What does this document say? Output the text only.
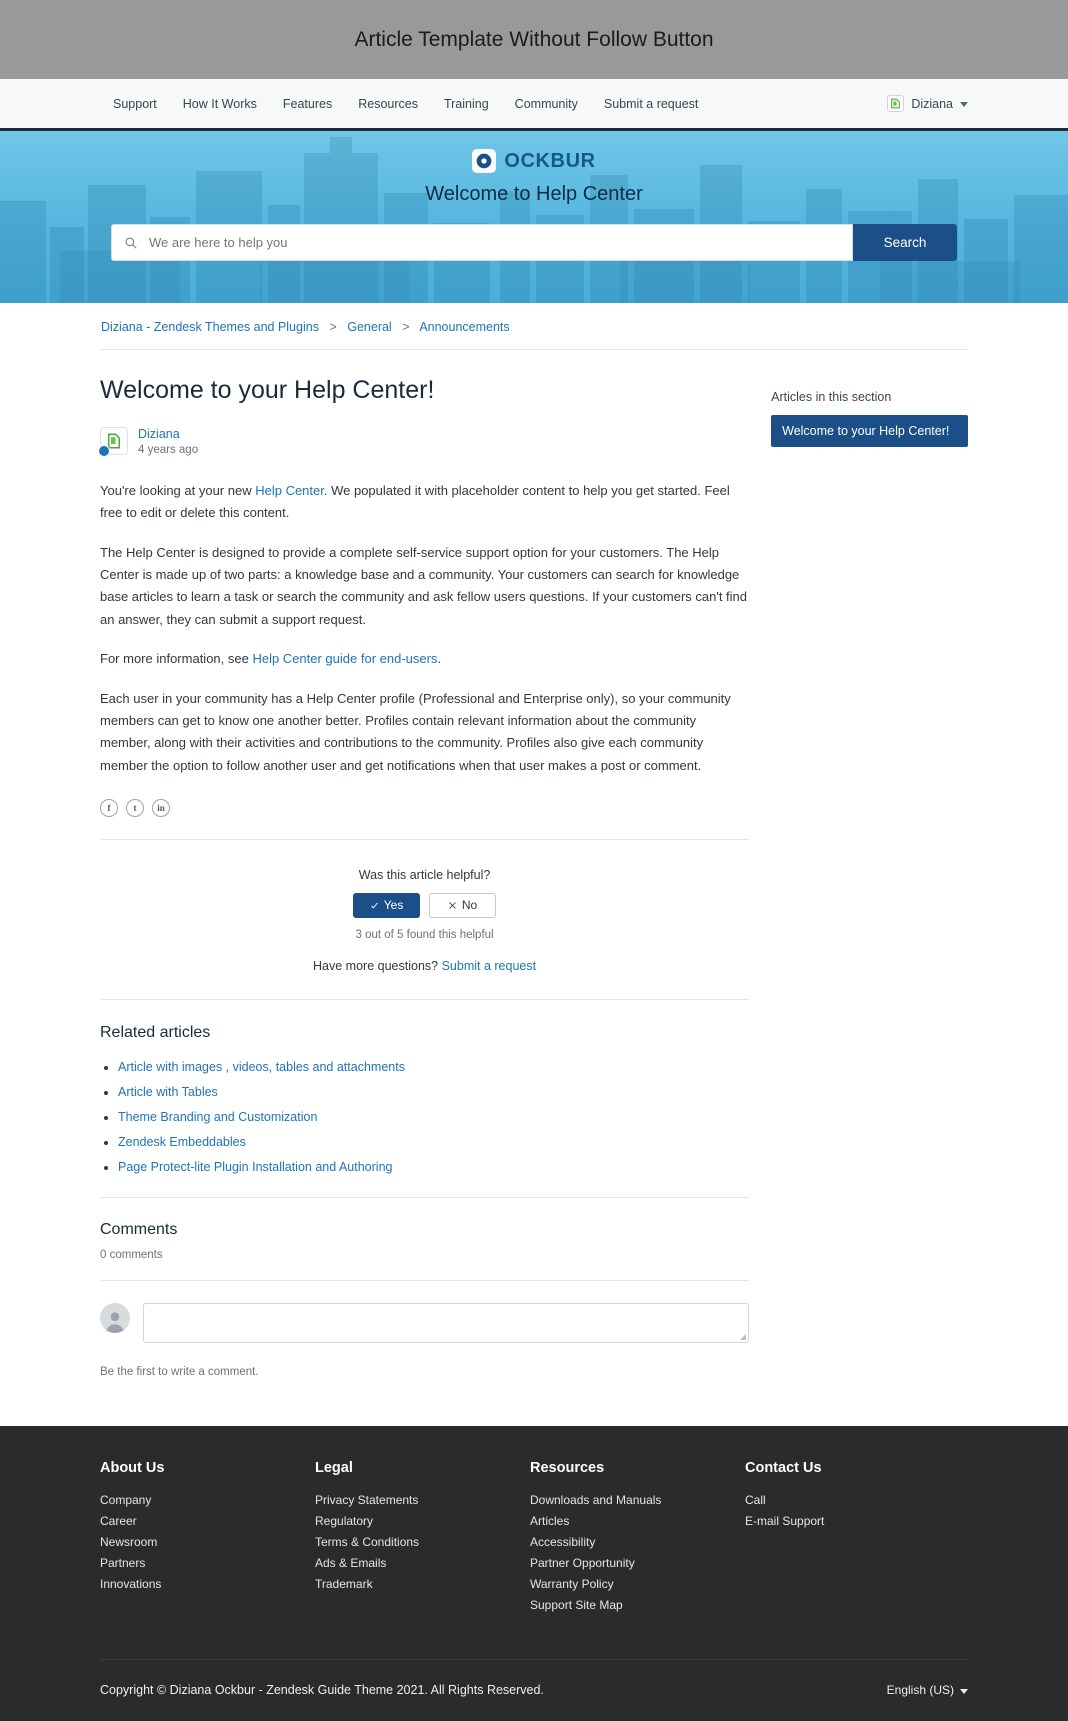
Article Template Without Follow Button
Support How It Works Features Resources Training Community Submit a request	Diziana
OCKBUR
Welcome to Help Center
We are here to help you
Search
Diziana - Zendesk Themes and Plugins > General > Announcements
Welcome to your Help Center!
Diziana
4 years ago

You're looking at your new Help Center. We populated it with placeholder content to help you get started. Feel free to edit or delete this content.

The Help Center is designed to provide a complete self-service support option for your customers. The Help Center is made up of two parts: a knowledge base and a community. Your customers can search for knowledge base articles to learn a task or search the community and ask fellow users questions. If your customers can't find an answer, they can submit a support request.

For more information, see Help Center guide for end-users.

Each user in your community has a Help Center profile (Professional and Enterprise only), so your community members can get to know one another better. Profiles contain relevant information about the community member, along with their activities and contributions to the community. Profiles also give each community member the option to follow another user and get notifications when that user makes a post or comment.

f	t	in
Was this article helpful?
Yes	No
3 out of 5 found this helpful
Have more questions? Submit a request
Related articles
• Article with images , videos, tables and attachments
• Article with Tables
• Theme Branding and Customization
• Zendesk Embeddables
• Page Protect-lite Plugin Installation and Authoring
Comments
0 comments
Be the first to write a comment.
Articles in this section
Welcome to your Help Center!
About Us
Company
Career
Newsroom
Partners
Innovations
Legal
Privacy Statements
Regulatory
Terms & Conditions
Ads & Emails
Trademark
Resources
Downloads and Manuals
Articles
Accessibility
Partner Opportunity
Warranty Policy
Support Site Map
Contact Us
Call
E-mail Support
Copyright © Diziana Ockbur - Zendesk Guide Theme 2021. All Rights Reserved.	English (US)
